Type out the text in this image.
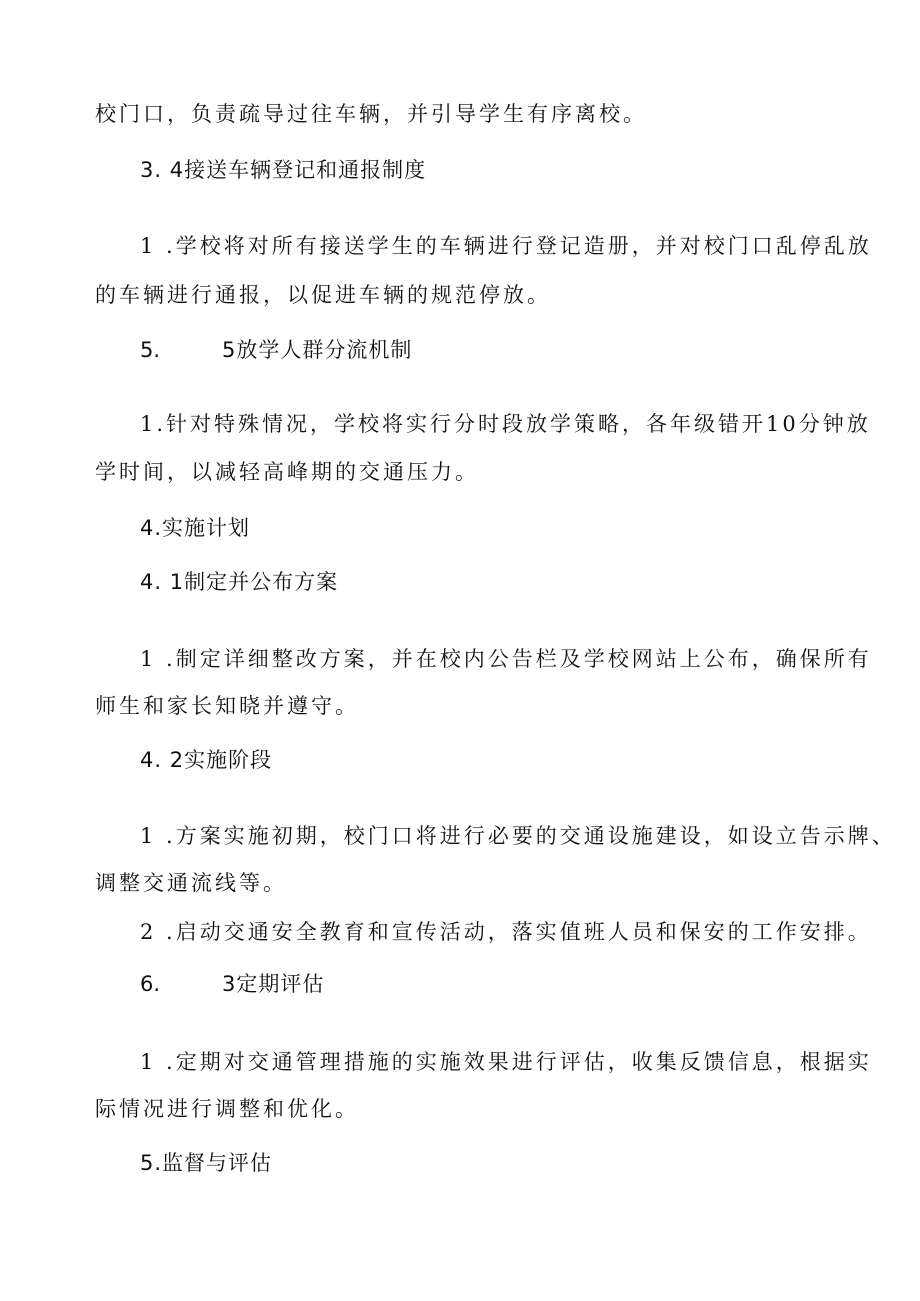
校门口，负责疏导过往车辆，并引导学生有序离校。
3. 4接送车辆登记和通报制度
1 .学校将对所有接送学生的车辆进行登记造册，并对校门口乱停乱放
的车辆进行通报，以促进车辆的规范停放。
5.	5放学人群分流机制
1.针对特殊情况，学校将实行分时段放学策略，各年级错开10分钟放
学时间，以减轻高峰期的交通压力。
4.实施计划
4. 1制定并公布方案
1 .制定详细整改方案，并在校内公告栏及学校网站上公布，确保所有
师生和家长知晓并遵守。
4. 2实施阶段
1 .方案实施初期，校门口将进行必要的交通设施建设，如设立告示牌、
调整交通流线等。
2 .启动交通安全教育和宣传活动，落实值班人员和保安的工作安排。
6.	3定期评估
1 .定期对交通管理措施的实施效果进行评估，收集反馈信息，根据实
际情况进行调整和优化。
5.监督与评估
